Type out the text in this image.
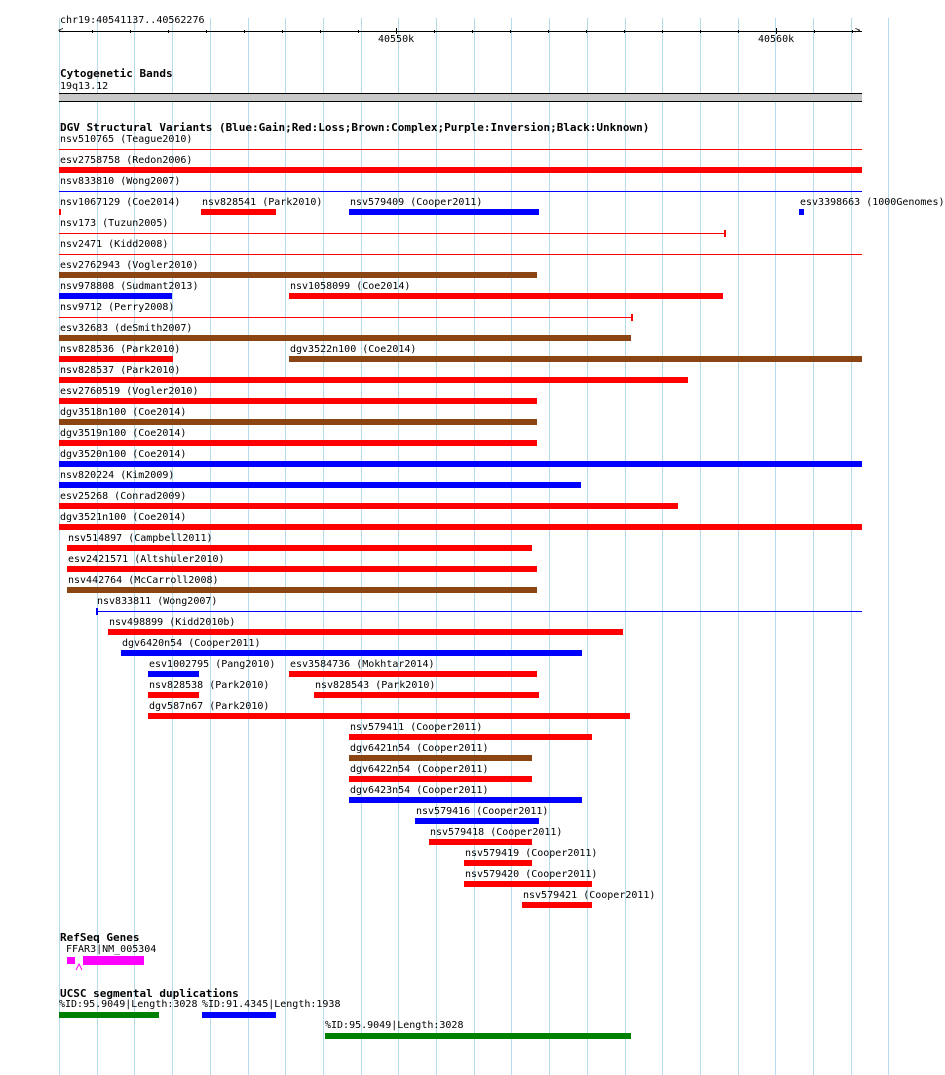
chr19:40541137..40562276
<	>
40550k	40560k
Cytogenetic Bands
19q13.12
DGV Structural Variants (Blue:Gain;Red:Loss;Brown:Complex;Purple:Inversion;Black:Unknown)
nsv510765 (Teague2010)
esv2758758 (Redon2006)
nsv833810 (Wong2007)
nsv1067129 (Coe2014) nsv828541 (Park2010)	nsv579409 (Cooper2011)	esv3398663 (1000Genomes)
nsv173 (Tuzun2005)
nsv2471 (Kidd2008)
esv2762943 (Vogler2010)
nsv978808 (Sudmant2013)	nsv1058099 (Coe2014)
nsv9712 (Perry2008)
esv32683 (deSmith2007)
nsv828536 (Park2010)	dgv3522n100 (Coe2014)
nsv828537 (Park2010)
esv2760519 (Vogler2010)
dgv3518n100 (Coe2014)
dgv3519n100 (Coe2014)
dgv3520n100 (Coe2014)
nsv820224 (Kim2009)
esv25268 (Conrad2009)
dgv3521n100 (Coe2014)
nsv514897 (Campbell2011)
esv2421571 (Altshuler2010)
nsv442764 (McCarroll2008)
nsv833811 (Wong2007)
nsv498899 (Kidd2010b)
dgv6420n54 (Cooper2011)
esv1002795 (Pang2010) esv3584736 (Mokhtar2014)
nsv828538 (Park2010)	nsv828543 (Park2010)
dgv587n67 (Park2010)
nsv579411 (Cooper2011)
dgv6421n54 (Cooper2011)
dgv6422n54 (Cooper2011)
dgv6423n54 (Cooper2011)
nsv579416 (Cooper2011)
nsv579418 (Cooper2011)
nsv579419 (Cooper2011)
nsv579420 (Cooper2011)
nsv579421 (Cooper2011)
RefSeq Genes
FFAR3|NM_005304
UCSC segmental duplications
%ID:95.9049|Length:3028 %ID:91.4345|Length:1938
%ID:95.9049|Length:3028
